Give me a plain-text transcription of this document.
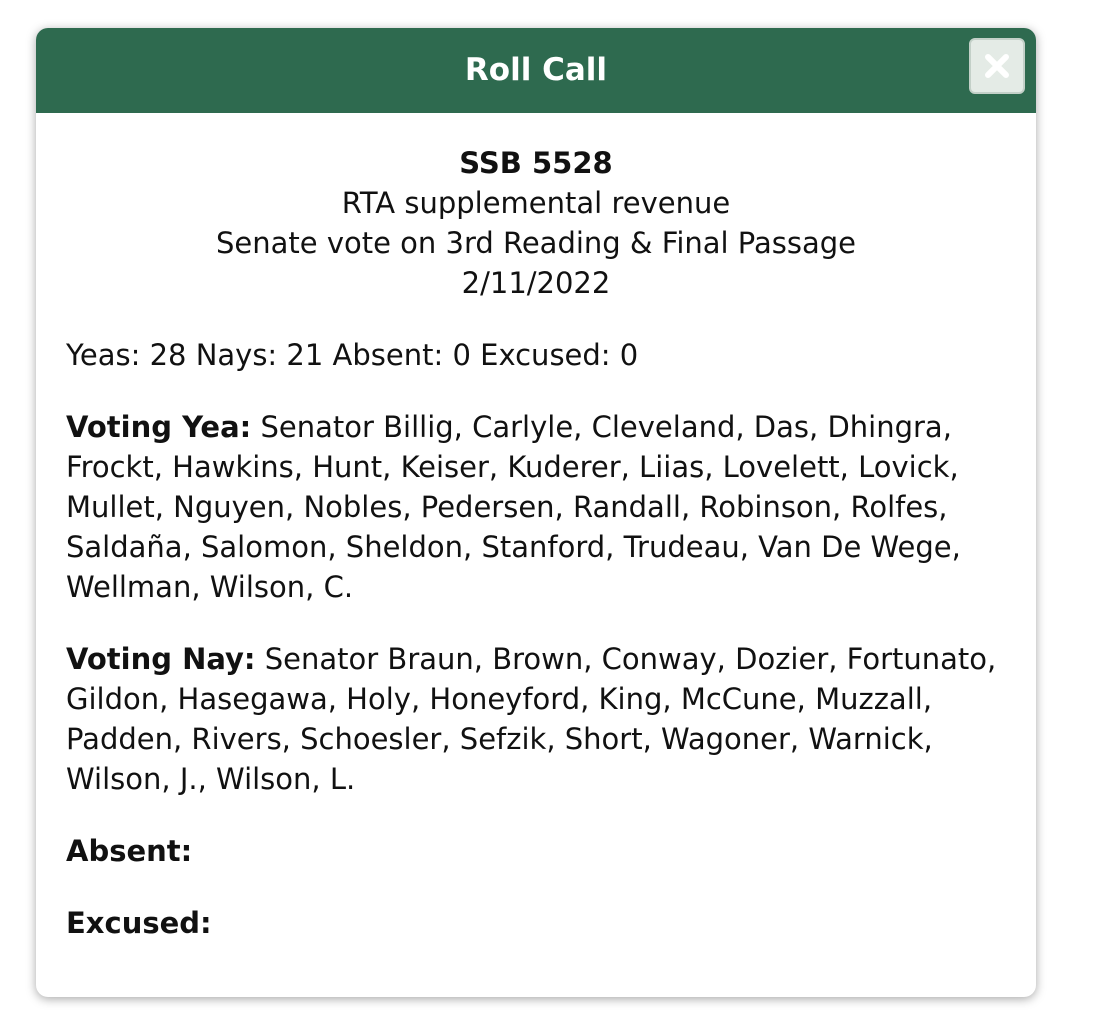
Roll Call
SSB 5528
RTA supplemental revenue
Senate vote on 3rd Reading & Final Passage
2/11/2022

Yeas: 28 Nays: 21 Absent: 0 Excused: 0

Voting Yea: Senator Billig, Carlyle, Cleveland, Das, Dhingra, Frockt, Hawkins, Hunt, Keiser, Kuderer, Liias, Lovelett, Lovick, Mullet, Nguyen, Nobles, Pedersen, Randall, Robinson, Rolfes, Saldaña, Salomon, Sheldon, Stanford, Trudeau, Van De Wege, Wellman, Wilson, C.

Voting Nay: Senator Braun, Brown, Conway, Dozier, Fortunato, Gildon, Hasegawa, Holy, Honeyford, King, McCune, Muzzall, Padden, Rivers, Schoesler, Sefzik, Short, Wagoner, Warnick, Wilson, J., Wilson, L.

Absent:

Excused:
